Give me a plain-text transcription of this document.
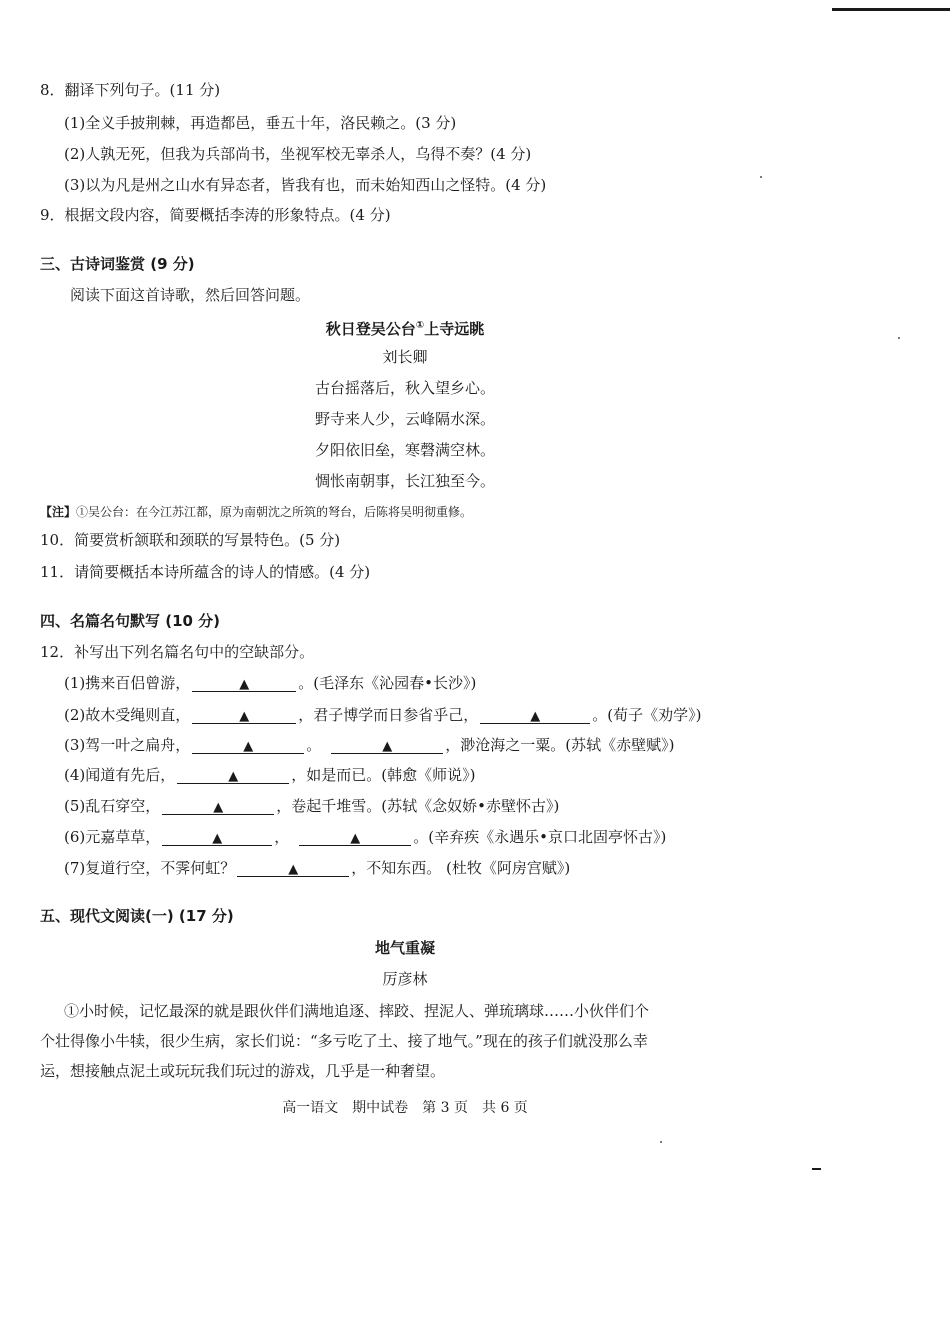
8．翻译下列句子。(11 分)
(1)全义手披荆棘，再造都邑，垂五十年，洛民赖之。(3 分)
(2)人孰无死，但我为兵部尚书，坐视军校无辜杀人，乌得不奏？(4 分)
(3)以为凡是州之山水有异态者，皆我有也，而未始知西山之怪特。(4 分)
9．根据文段内容，简要概括李涛的形象特点。(4 分)
三、古诗词鉴赏 (9 分)
阅读下面这首诗歌，然后回答问题。
秋日登吴公台①上寺远眺
刘长卿
古台摇落后，秋入望乡心。
野寺来人少，云峰隔水深。
夕阳依旧垒，寒磬满空林。
惆怅南朝事，长江独至今。
【注】①吴公台：在今江苏江都，原为南朝沈之所筑的弩台，后陈将吴明彻重修。
10．简要赏析颔联和颈联的写景特色。(5 分)
11．请简要概括本诗所蕴含的诗人的情感。(4 分)
四、名篇名句默写 (10 分)
12．补写出下列名篇名句中的空缺部分。
(1)携来百侣曾游，	▲	。(毛泽东《沁园春•长沙》)
(2)故木受绳则直，	▲	，君子博学而日参省乎己，	▲	。(荀子《劝学》)
(3)驾一叶之扁舟，	▲	。	▲	，渺沧海之一粟。(苏轼《赤壁赋》)
(4)闻道有先后，	▲	，如是而已。(韩愈《师说》)
(5)乱石穿空，	▲	，卷起千堆雪。(苏轼《念奴娇•赤壁怀古》)
(6)元嘉草草，	▲	，	▲	。(辛弃疾《永遇乐•京口北固亭怀古》)
(7)复道行空，不霁何虹？	▲	，不知东西。 (杜牧《阿房宫赋》)
五、现代文阅读(一) (17 分)
地气重凝
厉彦林
①小时候，记忆最深的就是跟伙伴们满地追逐、摔跤、捏泥人、弹琉璃球……小伙伴们个
个壮得像小牛犊，很少生病，家长们说：“多亏吃了土、接了地气。”现在的孩子们就没那么幸
运，想接触点泥土或玩玩我们玩过的游戏，几乎是一种奢望。
高一语文　期中试卷　第 3 页　共 6 页
